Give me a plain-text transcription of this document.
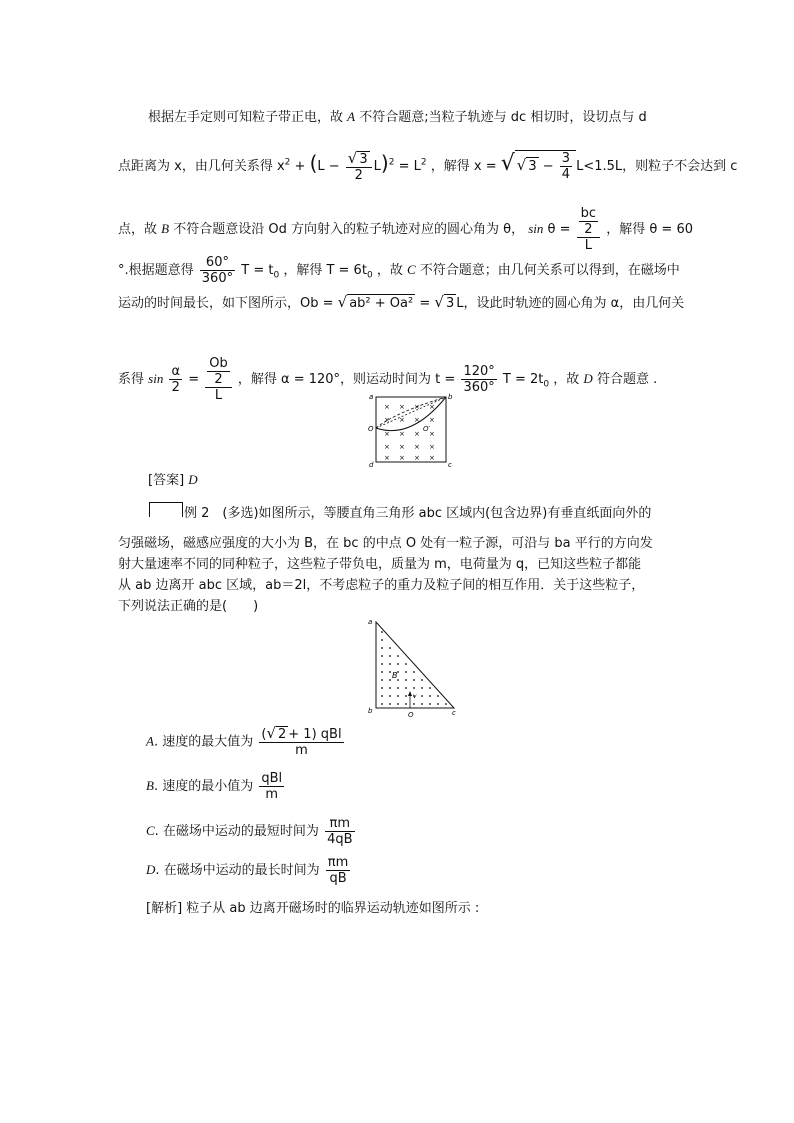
根据左手定则可知粒子带正电，故 A 不符合题意;当粒子轨迹与 dc 相切时，设切点与 d
点距离为 x，由几何关系得 $x^2 + (L - \frac{√ 3}{2} L)^2 = L^2$ ，解得 x = √ √ $3 - \frac{3}{4} L<1.5L$，则粒子不会达到 c
点，故 B 不符合题意设沿 Od 方向射入的粒子轨迹对应的圆心角为 θ， $\sin \theta = \frac{\frac{bc}{2}}{L}$ ，解得 θ = 60
°.根据题意得 $\frac{60^\circ}{360^\circ}$ $T = t_0$ ，解得 $T = 6t_0$ ，故 C 不符合题意；由几何关系可以得到，在磁场中
运动的时间最长，如下图所示，Ob = √ ab² + Oa² = √ 3 L，设此时轨迹的圆心角为 α，由几何关
系得 $\sin \frac{\alpha}{2} = \frac{\frac{Ob}{2}}{L}$ ，解得 α = 120°，则运动时间为 $t = \frac{120^\circ}{360^\circ}$ $T = 2t_0$ ，故 D 符合题意 .
× × × ×
× × × ×
× × × ×
× × × ×
× × × ×
a	b
c
d
O	O′
[答案] D
例 2　(多选)如图所示，等腰直角三角形 abc 区域内(包含边界)有垂直纸面向外的
匀强磁场，磁感应强度的大小为 B，在 bc 的中点 O 处有一粒子源，可沿与 ba 平行的方向发
射大量速率不同的同种粒子，这些粒子带负电，质量为 m，电荷量为 q，已知这些粒子都能
从 ab 边离开 abc 区域，ab＝2l，不考虑粒子的重力及粒子间的相互作用．关于这些粒子，
下列说法正确的是(　　)
a
b	c
O
B
v
A. 速度的最大值为 $\frac{\text{(√ 2 + 1) qBl}}{m}$
B. 速度的最小值为 $\frac{\text{qBl}}{m}$
C. 在磁场中运动的最短时间为 $\frac{\pi m}{4qB}$
D. 在磁场中运动的最长时间为 $\frac{\pi m}{qB}$
[解析] 粒子从 ab 边离开磁场时的临界运动轨迹如图所示 :
